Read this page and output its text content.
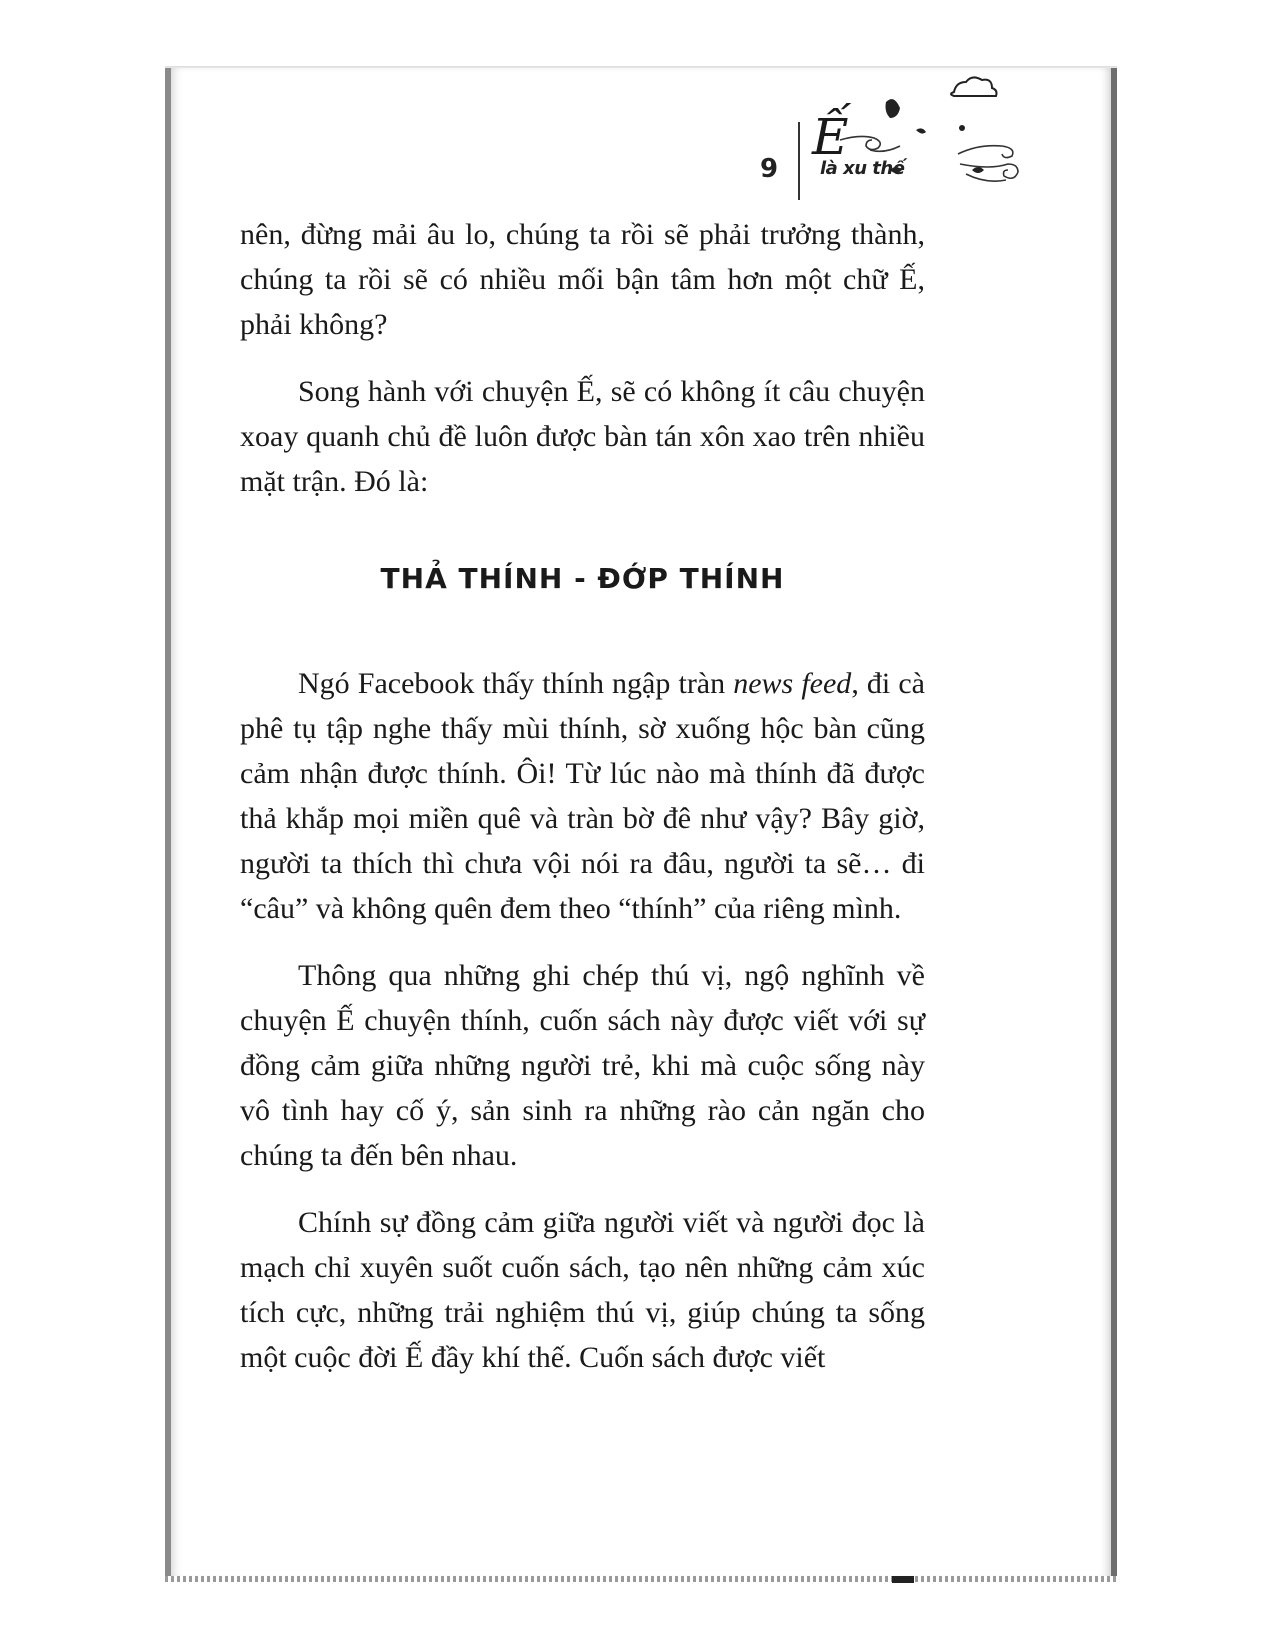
9
Ế
là xu thế

nên, đừng mải âu lo, chúng ta rồi sẽ phải trưởng thành, chúng ta rồi sẽ có nhiều mối bận tâm hơn một chữ Ế, phải không?

Song hành với chuyện Ế, sẽ có không ít câu chuyện xoay quanh chủ đề luôn được bàn tán xôn xao trên nhiều mặt trận. Đó là:

THẢ THÍNH - ĐỚP THÍNH

Ngó Facebook thấy thính ngập tràn news feed, đi cà phê tụ tập nghe thấy mùi thính, sờ xuống hộc bàn cũng cảm nhận được thính. Ôi! Từ lúc nào mà thính đã được thả khắp mọi miền quê và tràn bờ đê như vậy? Bây giờ, người ta thích thì chưa vội nói ra đâu, người ta sẽ… đi “câu” và không quên đem theo “thính” của riêng mình.

Thông qua những ghi chép thú vị, ngộ nghĩnh về chuyện Ế chuyện thính, cuốn sách này được viết với sự đồng cảm giữa những người trẻ, khi mà cuộc sống này vô tình hay cố ý, sản sinh ra những rào cản ngăn cho chúng ta đến bên nhau.

Chính sự đồng cảm giữa người viết và người đọc là mạch chỉ xuyên suốt cuốn sách, tạo nên những cảm xúc tích cực, những trải nghiệm thú vị, giúp chúng ta sống một cuộc đời Ế đầy khí thế. Cuốn sách được viết
